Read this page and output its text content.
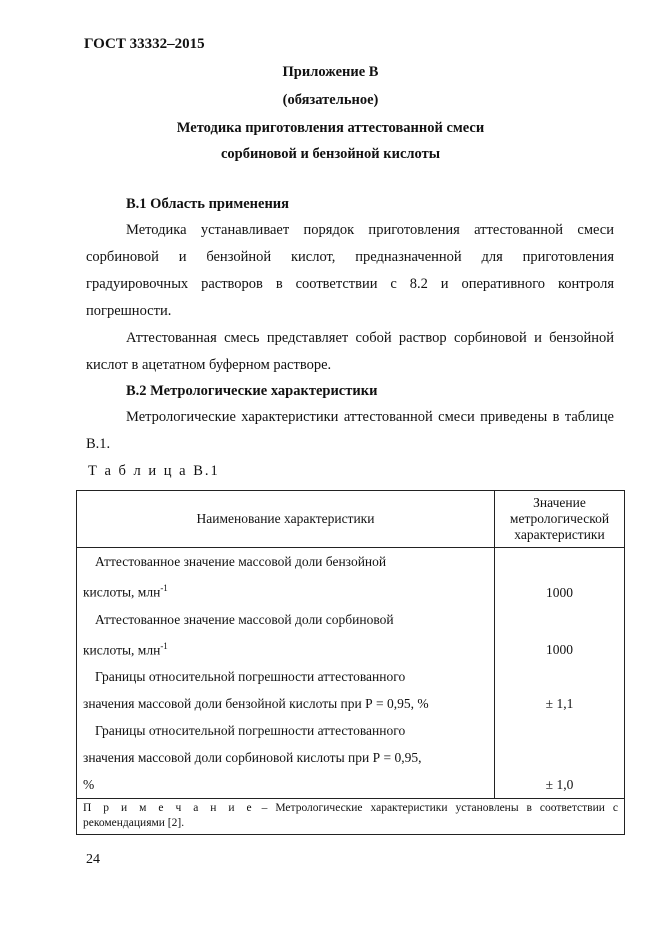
ГОСТ 33332–2015
Приложение В
(обязательное)
Методика приготовления аттестованной смеси
сорбиновой и бензойной кислоты
В.1 Область применения
Методика устанавливает порядок приготовления аттестованной смеси сорбиновой и бензойной кислот, предназначенной для приготовления градуировочных растворов в соответствии с 8.2 и оперативного контроля погрешности.
Аттестованная смесь представляет собой раствор сорбиновой и бензойной кислот в ацетатном буферном растворе.
В.2 Метрологические характеристики
Метрологические характеристики аттестованной смеси приведены в таблице В.1.
Т а б л и ц а В.1
Наименование характеристики	Значение
метрологической
характеристики

Аттестованное значение массовой доли бензойной
кислоты, млн$^{-1}$	1000

Аттестованное значение массовой доли сорбиновой
кислоты, млн$^{-1}$	1000

Границы относительной погрешности аттестованного
значения массовой доли бензойной кислоты при Р = 0,95, %	± 1,1

Границы относительной погрешности аттестованного
значения массовой доли сорбиновой кислоты при Р = 0,95,
%	± 1,0
П р и м е ч а н и е – Метрологические характеристики установлены в соответствии с рекомендациями [2].	
24
